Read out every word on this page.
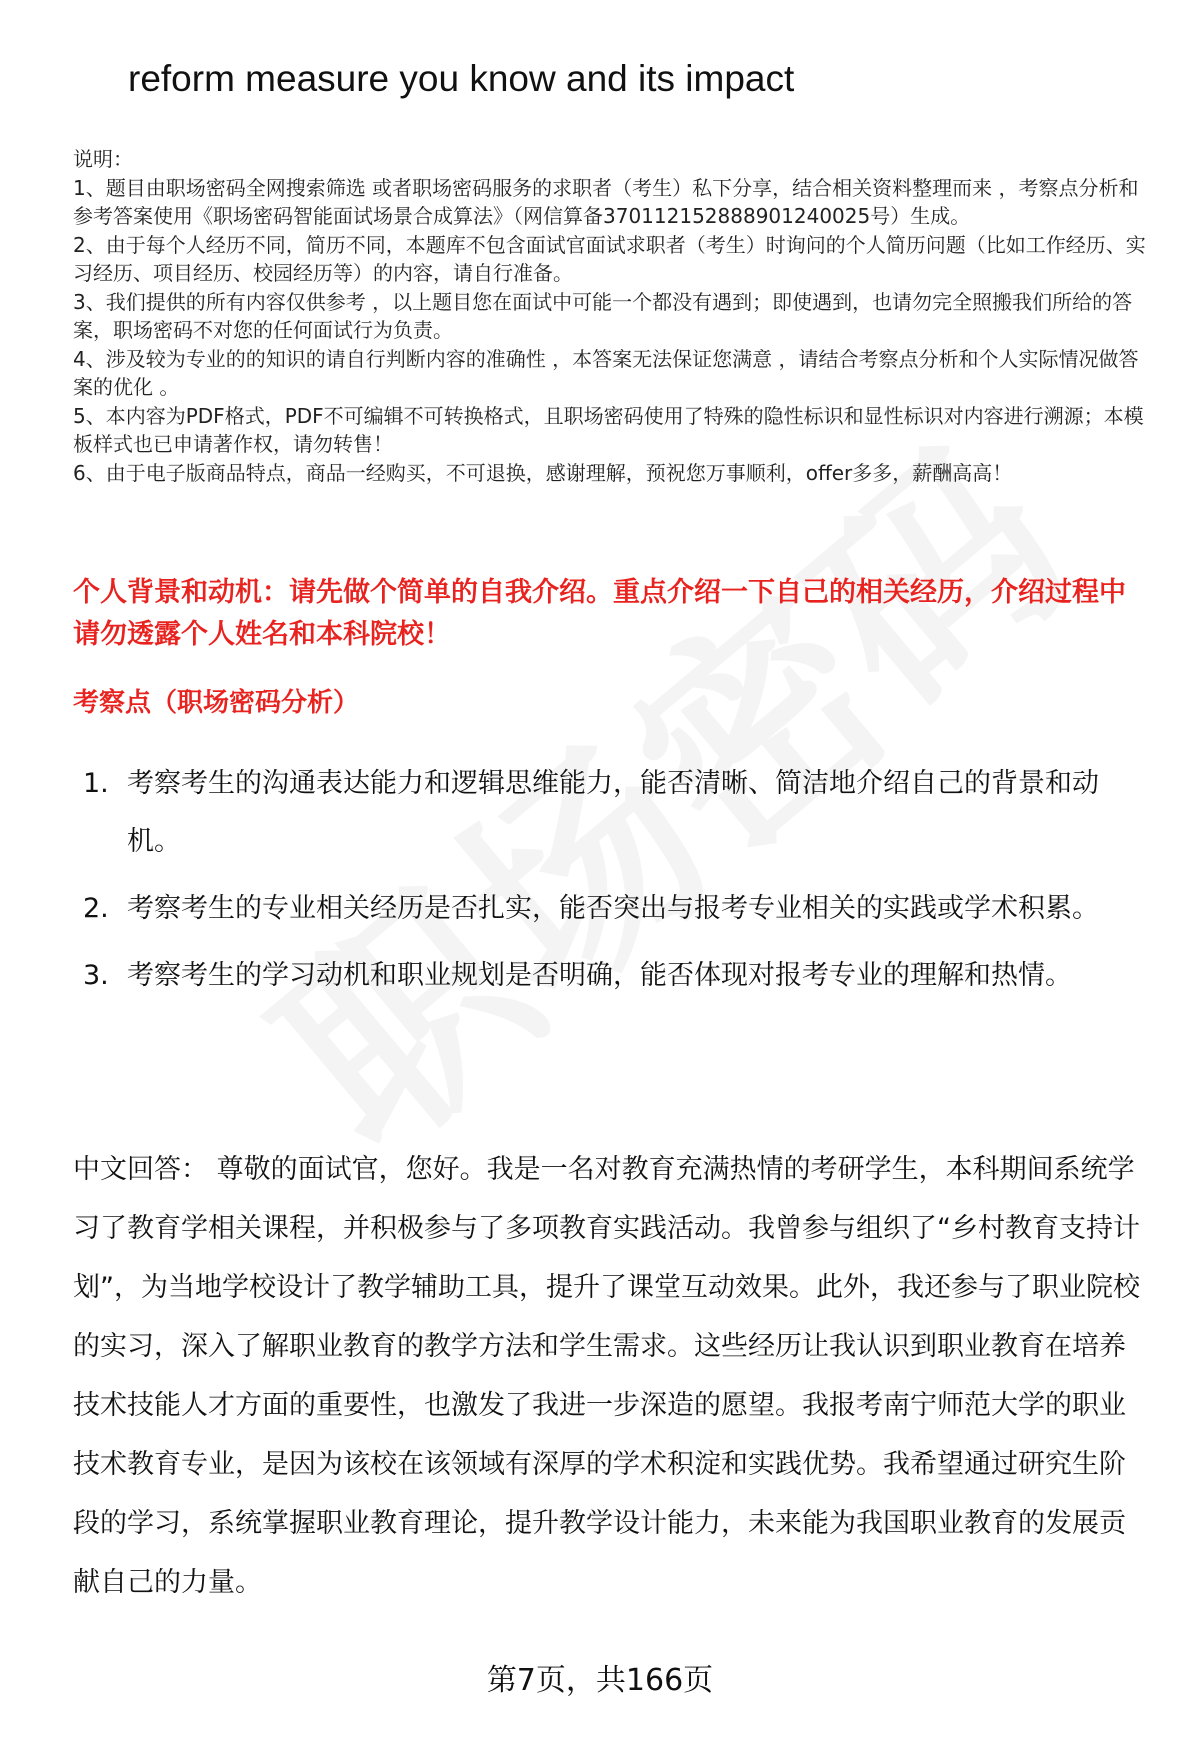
reform measure you know and its impact
说明：
1、题目由职场密码全网搜索筛选 或者职场密码服务的求职者（考生）私下分享，结合相关资料整理而来 ，考察点分析和参考答案使用《职场密码智能面试场景合成算法》（网信算备370112152888901240025号）生成。
2、由于每个人经历不同，简历不同，本题库不包含面试官面试求职者（考生）时询问的个人简历问题（比如工作经历、实习经历、项目经历、校园经历等）的内容，请自行准备。
3、我们提供的所有内容仅供参考 ，以上题目您在面试中可能一个都没有遇到；即使遇到，也请勿完全照搬我们所给的答案，职场密码不对您的任何面试行为负责。
4、涉及较为专业的的知识的请自行判断内容的准确性 ，本答案无法保证您满意 ，请结合考察点分析和个人实际情况做答案的优化 。
5、本内容为PDF格式，PDF不可编辑不可转换格式，且职场密码使用了特殊的隐性标识和显性标识对内容进行溯源；本模板样式也已申请著作权，请勿转售！
6、由于电子版商品特点，商品一经购买，不可退换，感谢理解，预祝您万事顺利，offer多多，薪酬高高！
个人背景和动机：请先做个简单的自我介绍。重点介绍一下自己的相关经历，介绍过程中请勿透露个人姓名和本科院校！
考察点（职场密码分析）
1. 考察考生的沟通表达能力和逻辑思维能力，能否清晰、简洁地介绍自己的背景和动机。
2. 考察考生的专业相关经历是否扎实，能否突出与报考专业相关的实践或学术积累。
3. 考察考生的学习动机和职业规划是否明确，能否体现对报考专业的理解和热情。
中文回答： 尊敬的面试官，您好。我是一名对教育充满热情的考研学生，本科期间系统学习了教育学相关课程，并积极参与了多项教育实践活动。我曾参与组织了“乡村教育支持计划”，为当地学校设计了教学辅助工具，提升了课堂互动效果。此外，我还参与了职业院校的实习，深入了解职业教育的教学方法和学生需求。这些经历让我认识到职业教育在培养技术技能人才方面的重要性，也激发了我进一步深造的愿望。我报考南宁师范大学的职业技术教育专业，是因为该校在该领域有深厚的学术积淀和实践优势。我希望通过研究生阶段的学习，系统掌握职业教育理论，提升教学设计能力，未来能为我国职业教育的发展贡献自己的力量。
第7页，共166页
